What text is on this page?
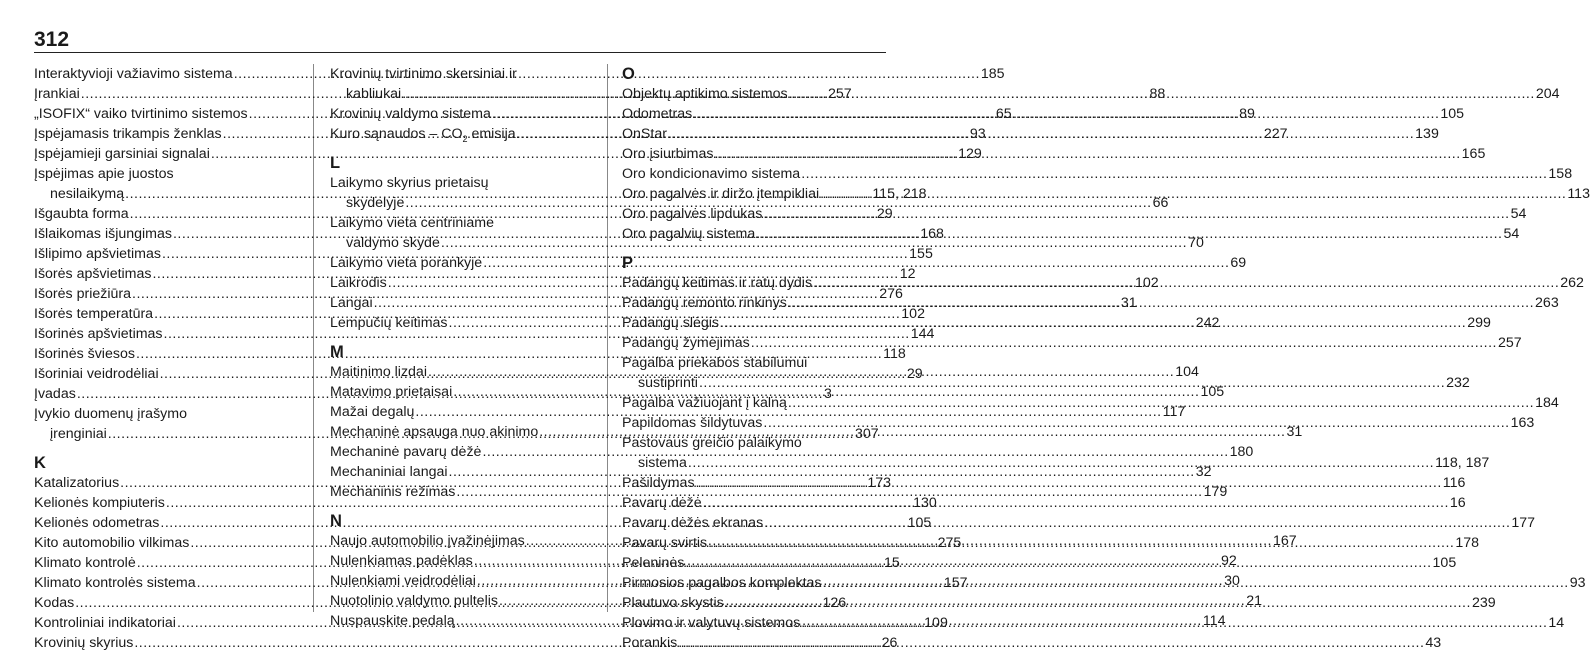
312
Interaktyvioji važiavimo sistema .....	185
Įrankiai .....	257
„ISOFIX“ vaiko tvirtinimo sistemos .....	65
Įspėjamasis trikampis ženklas .....	93
Įspėjamieji garsiniai signalai .....	129
Įspėjimas apie juostos
nesilaikymą .....	115, 218
Išgaubta forma .....	29
Išlaikomas išjungimas .....	168
Išlipimo apšvietimas .....	155
Išorės apšvietimas .....	12
Išorės priežiūra .....	276
Išorės temperatūra .....	102
Išorinės apšvietimas .....	144
Išorinės šviesos .....	118
Išoriniai veidrodėliai .....	29
Įvadas .....	3
Įvykio duomenų įrašymo
įrenginiai .....	307
K
Katalizatorius .....	173
Kelionės kompiuteris .....	130
Kelionės odometras .....	105
Kito automobilio vilkimas .....	275
Klimato kontrolė .....	15
Klimato kontrolės sistema .....	157
Kodas .....	126
Kontroliniai indikatoriai .....	109
Krovinių skyrius .....	26
Krovinių tvirtinimo skersiniai ir
kabliukai .....	88
Krovinių valdymo sistema .....	89
Kuro sąnaudos – $CO_2$ emisija .....	227
L
Laikymo skyrius prietaisų
skydelyje .....	66
Laikymo vieta centriniame
valdymo skyde .....	70
Laikymo vieta porankyje .....	69
Laikrodis .....	102
Langai .....	31
Lempučių keitimas .....	242
M
Maitinimo lizdai .....	104
Matavimo prietaisai .....	105
Mažai degalų .....	117
Mechaninė apsauga nuo akinimo .....	31
Mechaninė pavarų dėžė .....	180
Mechaniniai langai .....	32
Mechaninis režimas .....	179
N
Naujo automobilio įvažinėjimas .....	167
Nulenkiamas padėklas .....	92
Nulenkiami veidrodėliai .....	30
Nuotolinio valdymo pultelis .....	21
Nuspauskite pedalą .....	114
O
Objektų aptikimo sistemos .....	204
Odometras .....	105
OnStar .....	139
Oro įsiurbimas .....	165
Oro kondicionavimo sistema .....	158
Oro pagalvės ir diržo įtempikliai .....	113
Oro pagalvės lipdukas .....	54
Oro pagalvių sistema .....	54
P
Padangų keitimas ir ratų dydis .....	262
Padangų remonto rinkinys .....	263
Padangų slėgis .....	299
Padangų žymėjimas .....	257
Pagalba priekabos stabilumui
sustiprinti .....	232
Pagalba važiuojant į kalną .....	184
Papildomas šildytuvas .....	163
Pastovaus greičio palaikymo
sistema .....	118, 187
Pašildymas .....	116
Pavarų dėžė .....	16
Pavarų dėžės ekranas .....	177
Pavarų svirtis .....	178
Peleninės .....	105
Pirmosios pagalbos komplektas .....	93
Plautuvo skystis .....	239
Plovimo ir valytuvų sistemos .....	14
Porankis .....	43
